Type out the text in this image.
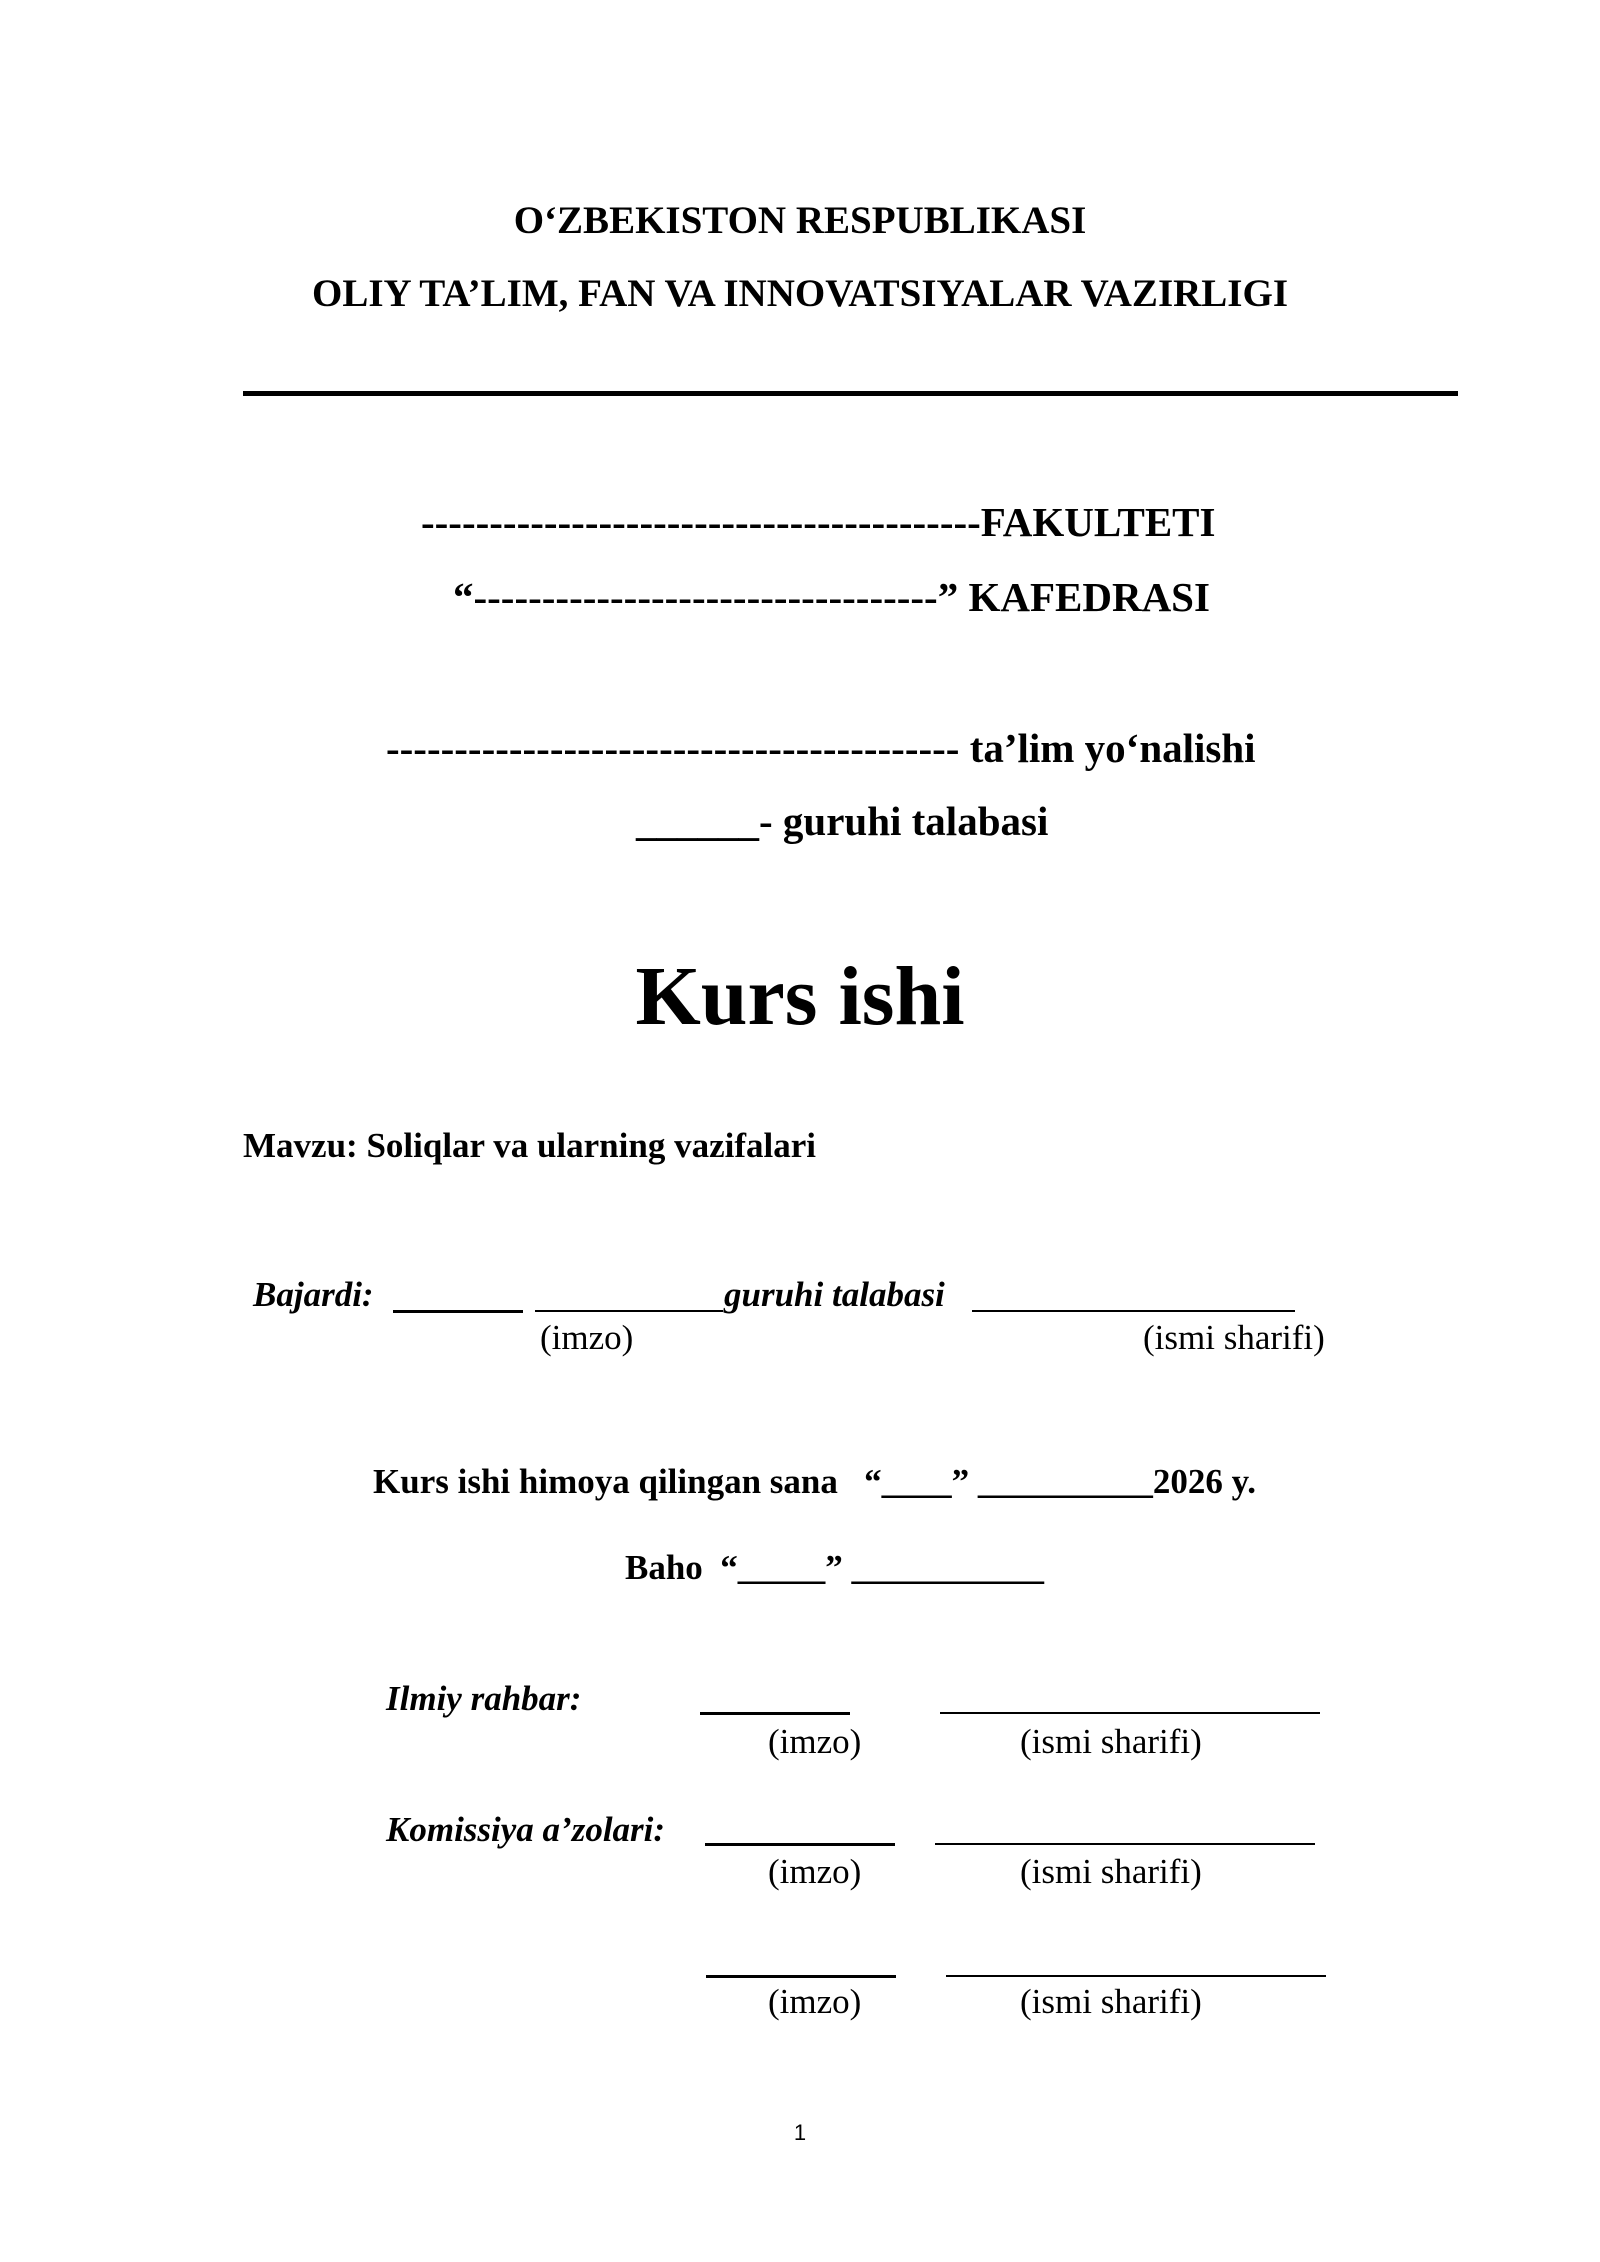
O‘ZBEKISTON RESPUBLIKASI
OLIY TA’LIM, FAN VA INNOVATSIYALAR VAZIRLIGI
-----------------------------------------FAKULTETI
“----------------------------------” KAFEDRASI
------------------------------------------ ta’lim yo‘nalishi
______- guruhi talabasi
Kurs ishi
Mavzu: Soliqlar va ularning vazifalari
Bajardi:	guruhi talabasi
(imzo)	(ismi sharifi)
Kurs ishi himoya qilingan sana   “____” __________2026 y.
Baho  “_____” ___________
Ilmiy rahbar:
(imzo)	(ismi sharifi)
Komissiya a’zolari:
(imzo)	(ismi sharifi)
(imzo)	(ismi sharifi)
1
